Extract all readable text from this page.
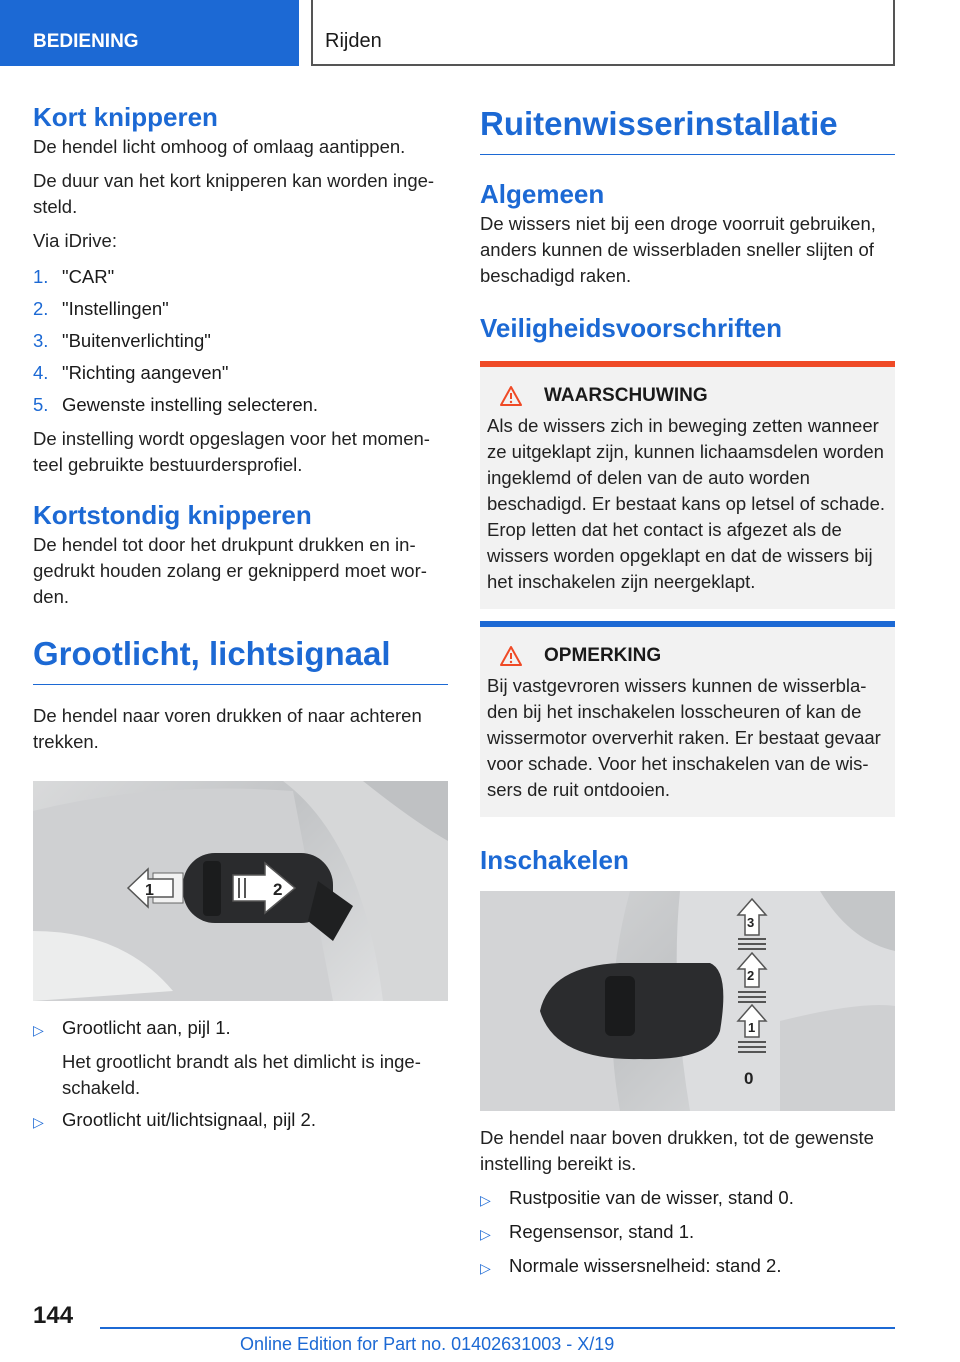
BEDIENING	Rijden
Kort knipperen
De hendel licht omhoog of omlaag aantippen.
De duur van het kort knipperen kan worden ingesteld.
Via iDrive:
1. "CAR"
2. "Instellingen"
3. "Buitenverlichting"
4. "Richting aangeven"
5. Gewenste instelling selecteren.
De instelling wordt opgeslagen voor het momenteel gebruikte bestuurdersprofiel.
Kortstondig knipperen
De hendel tot door het drukpunt drukken en ingedrukt houden zolang er geknipperd moet worden.
Grootlicht, lichtsignaal
De hendel naar voren drukken of naar achteren trekken.
1	2
▷ Grootlicht aan, pijl 1.
Het grootlicht brandt als het dimlicht is ingeschakeld.
▷ Grootlicht uit/lichtsignaal, pijl 2.
Ruitenwisserinstallatie
Algemeen
De wissers niet bij een droge voorruit gebruiken, anders kunnen de wisserbladen sneller slijten of beschadigd raken.
Veiligheidsvoorschriften
WAARSCHUWING
Als de wissers zich in beweging zetten wanneer ze uitgeklapt zijn, kunnen lichaamsdelen worden ingeklemd of delen van de auto worden beschadigd. Er bestaat kans op letsel of schade. Erop letten dat het contact is afgezet als de wissers worden opgeklapt en dat de wissers bij het inschakelen zijn neergeklapt.
OPMERKING
Bij vastgevroren wissers kunnen de wisserbladen bij het inschakelen losscheuren of kan de wissermotor oververhit raken. Er bestaat gevaar voor schade. Voor het inschakelen van de wissers de ruit ontdooien.
Inschakelen
3
2
1
0
De hendel naar boven drukken, tot de gewenste instelling bereikt is.
▷ Rustpositie van de wisser, stand 0.
▷ Regensensor, stand 1.
▷ Normale wissersnelheid: stand 2.
144
Online Edition for Part no. 01402631003 - X/19
